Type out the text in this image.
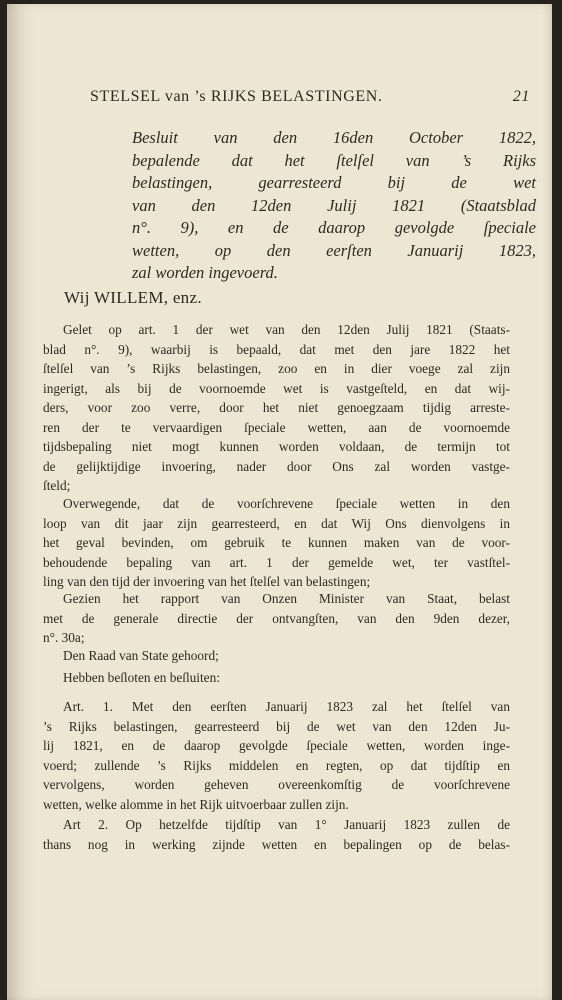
STELSEL van ’s RIJKS BELASTINGEN.	21
Besluit van den 16den October 1822,
bepalende dat het ſtelſel van ’s Rijks
belastingen, gearresteerd bij de wet
van den 12den Julij 1821 (Staatsblad
n°. 9), en de daarop gevolgde ſpeciale
wetten, op den eerſten Januarij 1823,
zal worden ingevoerd.
Wij WILLEM, enz.
Gelet op art. 1 der wet van den 12den Julij 1821 (Staats-
blad n°. 9), waarbij is bepaald, dat met den jare 1822 het
ſtelſel van ’s Rijks belastingen, zoo en in dier voege zal zijn
ingerigt, als bij de voornoemde wet is vastgeſteld, en dat wij-
ders, voor zoo verre, door het niet genoegzaam tijdig arreste-
ren der te vervaardigen ſpeciale wetten, aan de voornoemde
tijdsbepaling niet mogt kunnen worden voldaan, de termijn tot
de gelijktijdige invoering, nader door Ons zal worden vastge-
ſteld;
Overwegende, dat de voorſchrevene ſpeciale wetten in den
loop van dit jaar zijn gearresteerd, en dat Wij Ons dienvolgens in
het geval bevinden, om gebruik te kunnen maken van de voor-
behoudende bepaling van art. 1 der gemelde wet, ter vastſtel-
ling van den tijd der invoering van het ſtelſel van belastingen;
Gezien het rapport van Onzen Minister van Staat, belast
met de generale directie der ontvangſten, van den 9den dezer,
n°. 30a;
Den Raad van State gehoord;
Hebben beſloten en beſluiten:
Art. 1. Met den eerſten Januarij 1823 zal het ſtelſel van
’s Rijks belastingen, gearresteerd bij de wet van den 12den Ju-
lij 1821, en de daarop gevolgde ſpeciale wetten, worden inge-
voerd; zullende ’s Rijks middelen en regten, op dat tijdſtip en
vervolgens, worden geheven overeenkomſtig de voorſchrevene
wetten, welke alomme in het Rijk uitvoerbaar zullen zijn.
Art 2. Op hetzelfde tijdſtip van 1° Januarij 1823 zullen de
thans nog in werking zijnde wetten en bepalingen op de belas-
